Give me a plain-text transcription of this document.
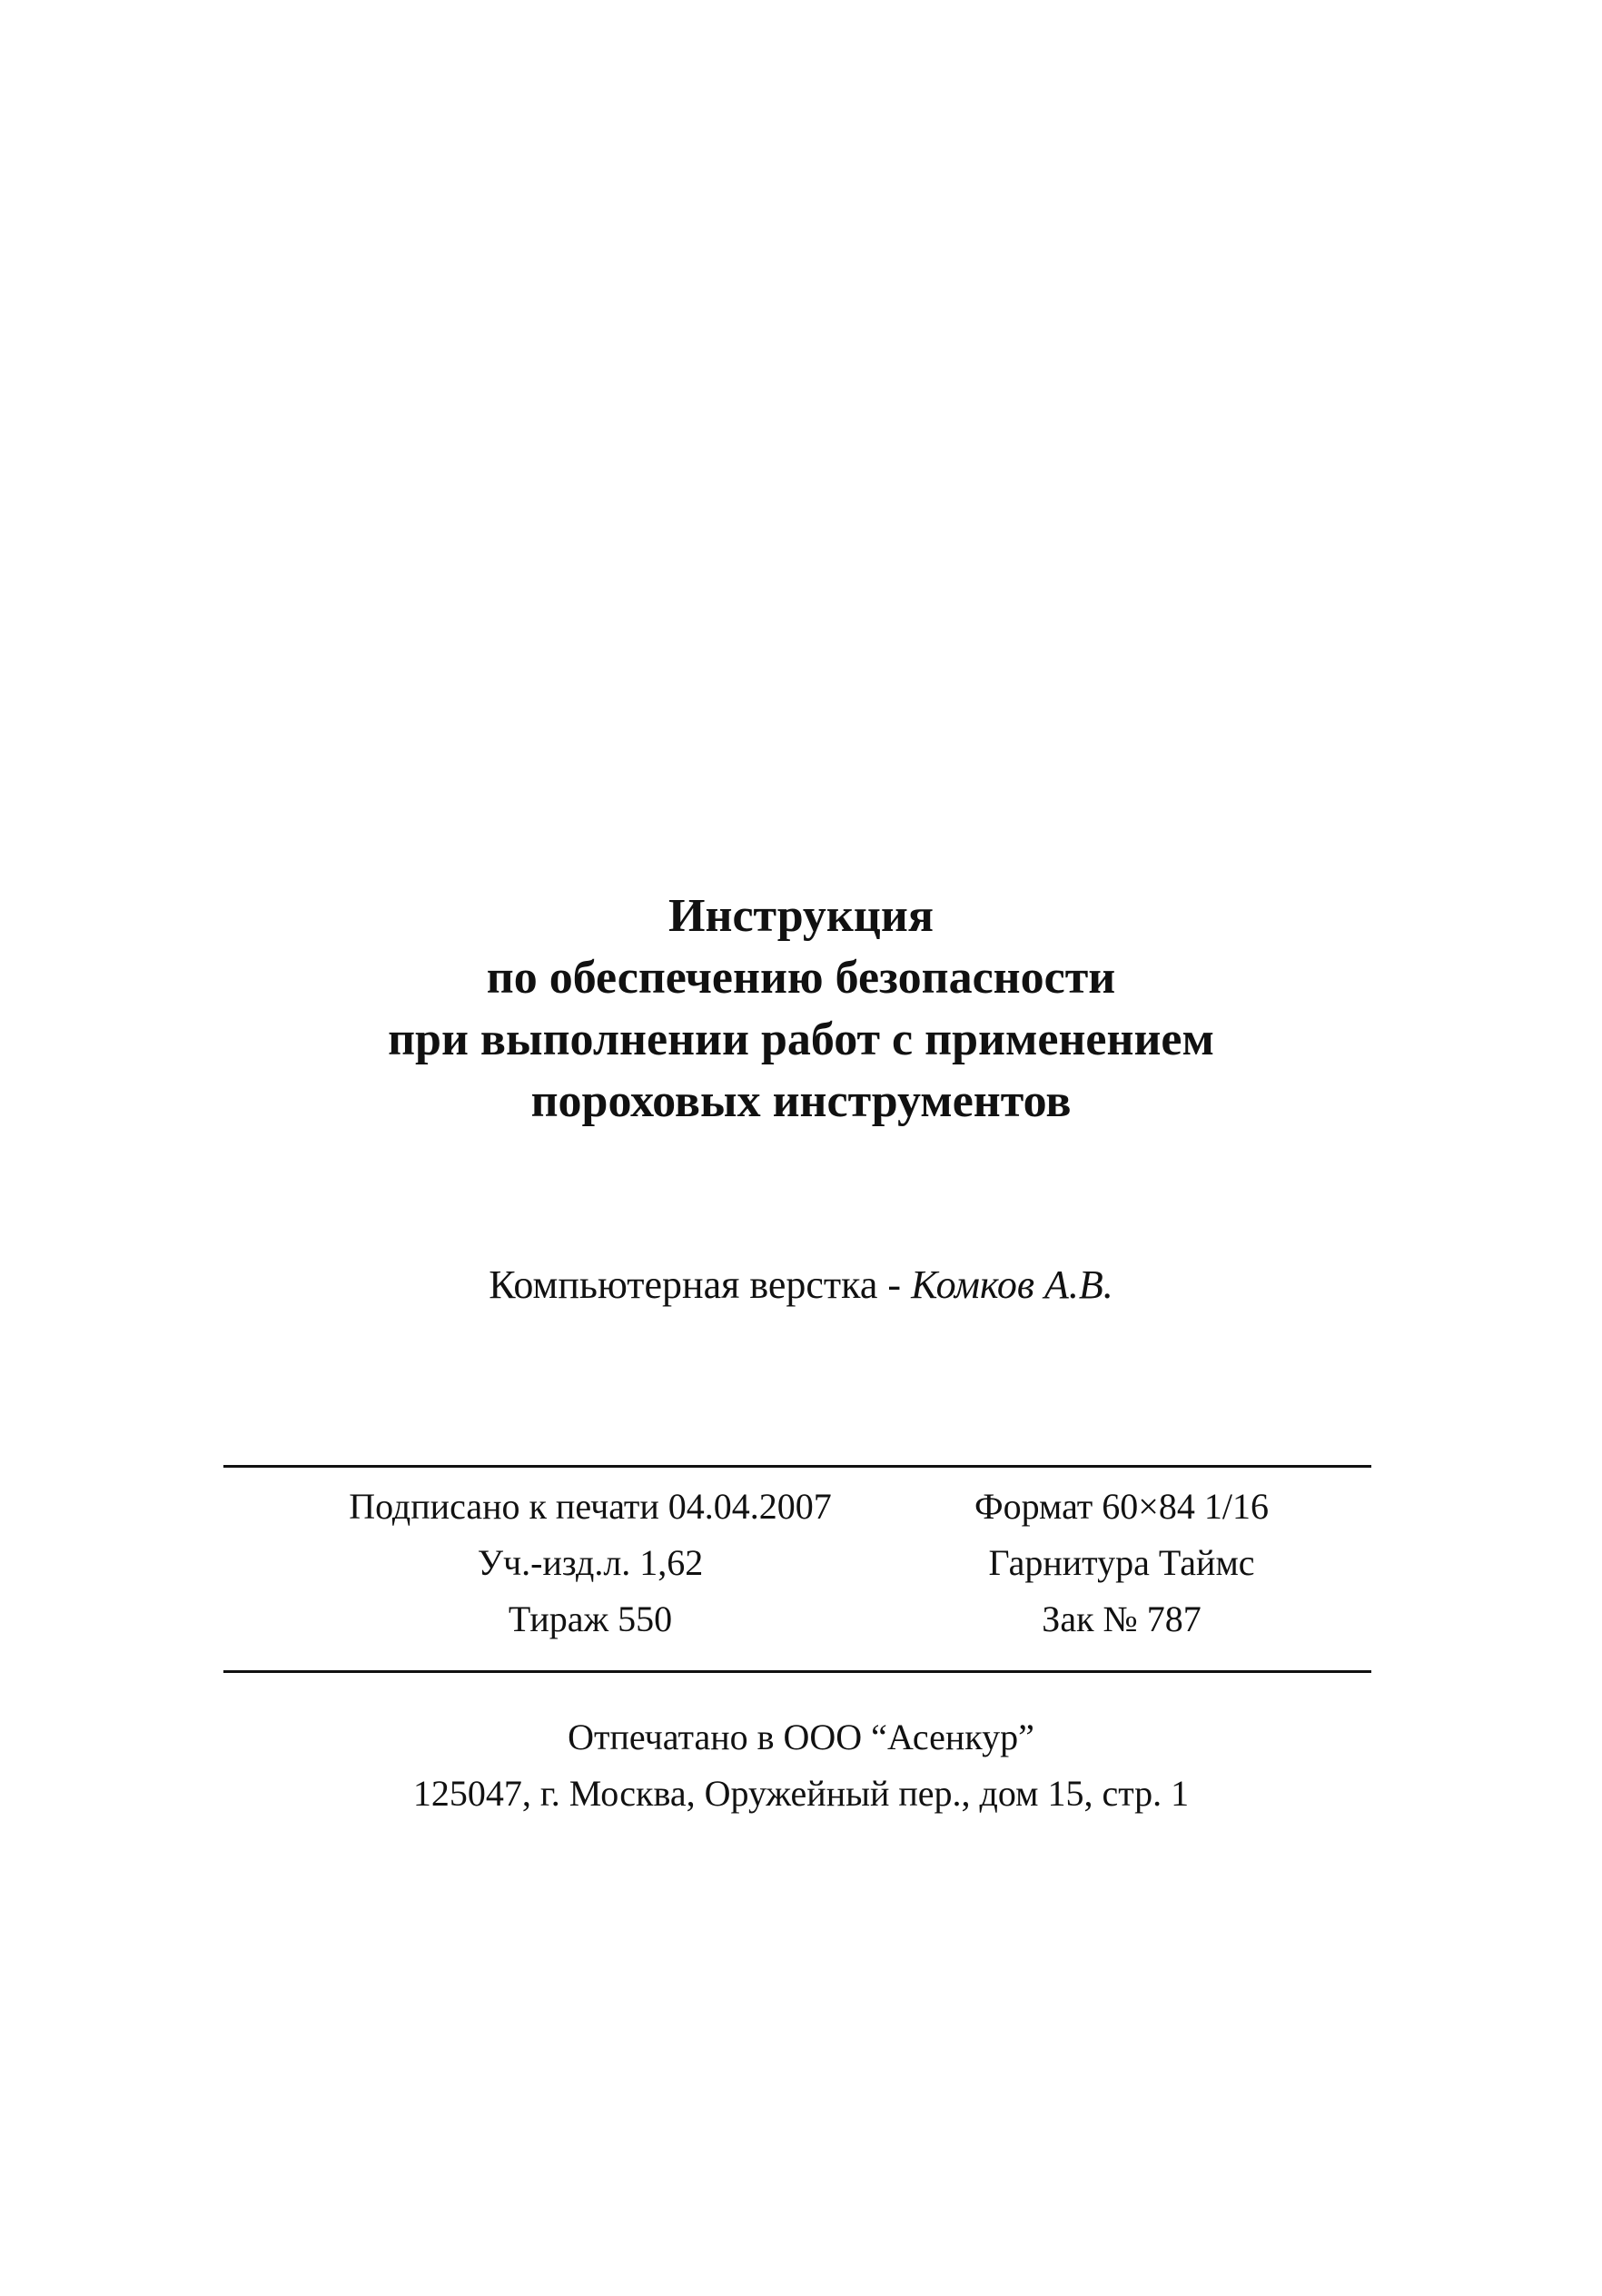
Инструкция
по обеспечению безопасности
при выполнении работ с применением
пороховых инструментов
Компьютерная верстка - Комков А.В.
Подписано к печати 04.04.2007
Уч.-изд.л. 1,62
Тираж 550
Формат 60×84 1/16
Гарнитура Таймс
Зак № 787
Отпечатано в ООО “Асенкур”
125047, г. Москва, Оружейный пер., дом 15, стр. 1
